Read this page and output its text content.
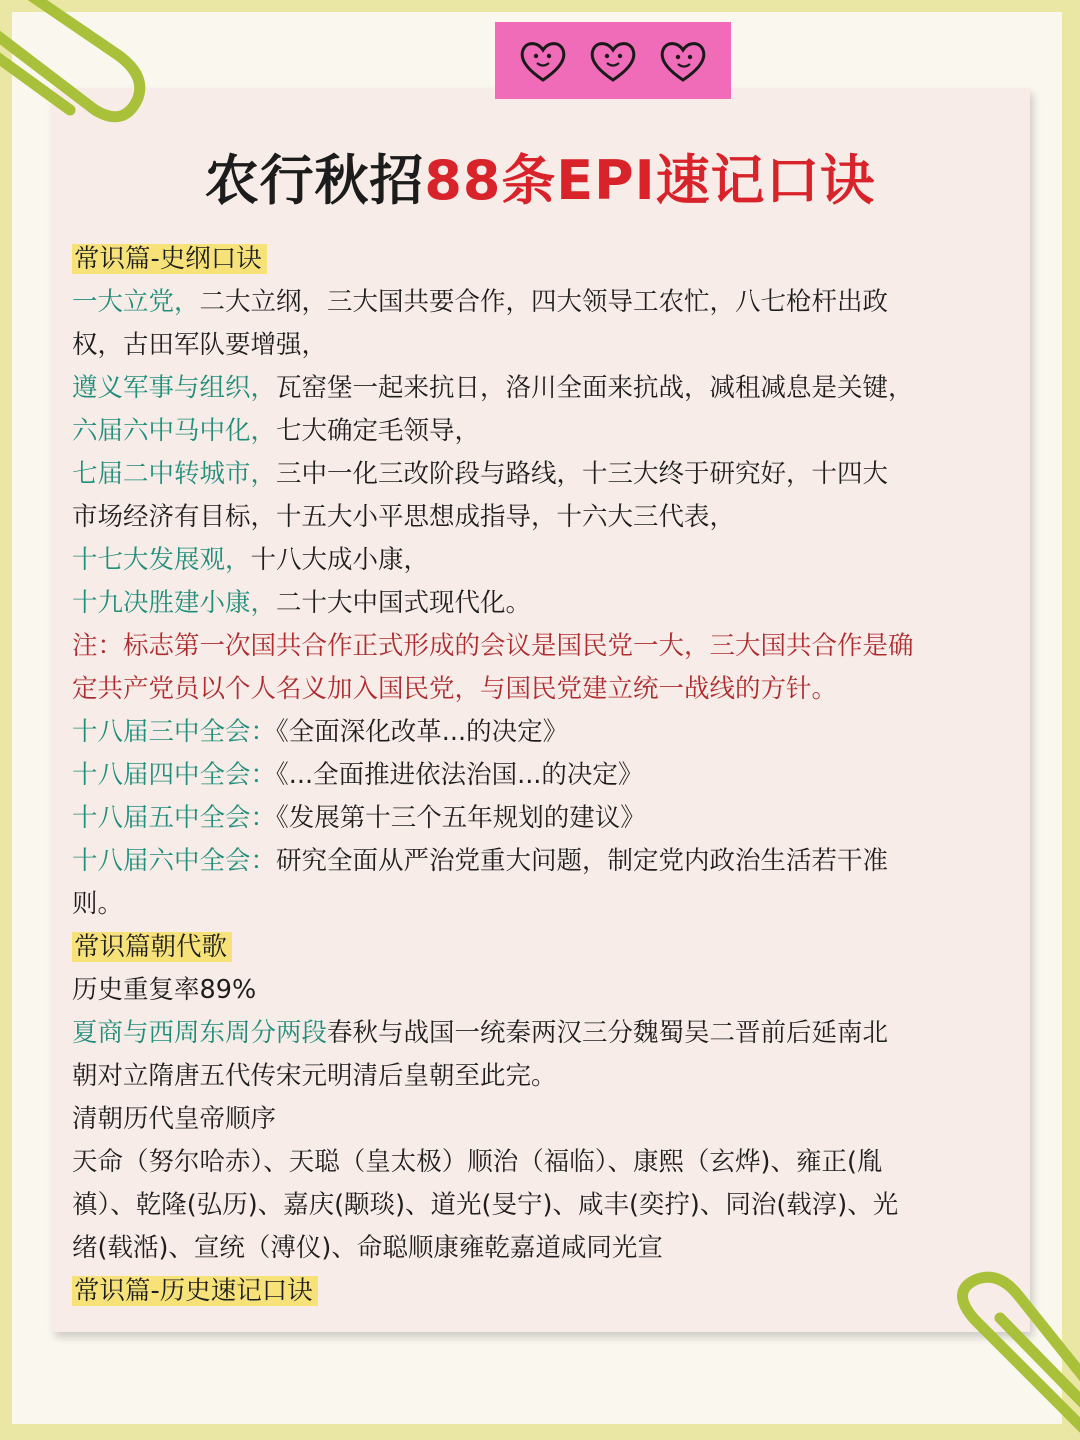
农行秋招88条EPI速记口诀
常识篇-史纲口诀
一大立党，二大立纲，三大国共要合作，四大领导工农忙，八七枪杆出政
权，古田军队要增强，
遵义军事与组织，瓦窑堡一起来抗日，洛川全面来抗战，减租减息是关键，
六届六中马中化，七大确定毛领导，
七届二中转城市，三中一化三改阶段与路线，十三大终于研究好，十四大
市场经济有目标，十五大小平思想成指导，十六大三代表，
十七大发展观，十八大成小康，
十九决胜建小康，二十大中国式现代化。
注：标志第一次国共合作正式形成的会议是国民党一大，三大国共合作是确
定共产党员以个人名义加入国民党，与国民党建立统一战线的方针。
十八届三中全会：《全面深化改革...的决定》
十八届四中全会：《...全面推进依法治国...的决定》
十八届五中全会：《发展第十三个五年规划的建议》
十八届六中全会：研究全面从严治党重大问题，制定党内政治生活若干准
则。
常识篇朝代歌
历史重复率89%
夏商与西周东周分两段春秋与战国一统秦两汉三分魏蜀吴二晋前后延南北
朝对立隋唐五代传宋元明清后皇朝至此完。
清朝历代皇帝顺序
天命（努尔哈赤）、天聪（皇太极）顺治（福临）、康熙（玄烨)、雍正(胤
禛）、乾隆(弘历)、嘉庆(颙琰)、道光(旻宁)、咸丰(奕拧)、同治(载淳)、光
绪(载湉)、宣统（溥仪)、命聪顺康雍乾嘉道咸同光宣
常识篇-历史速记口诀
